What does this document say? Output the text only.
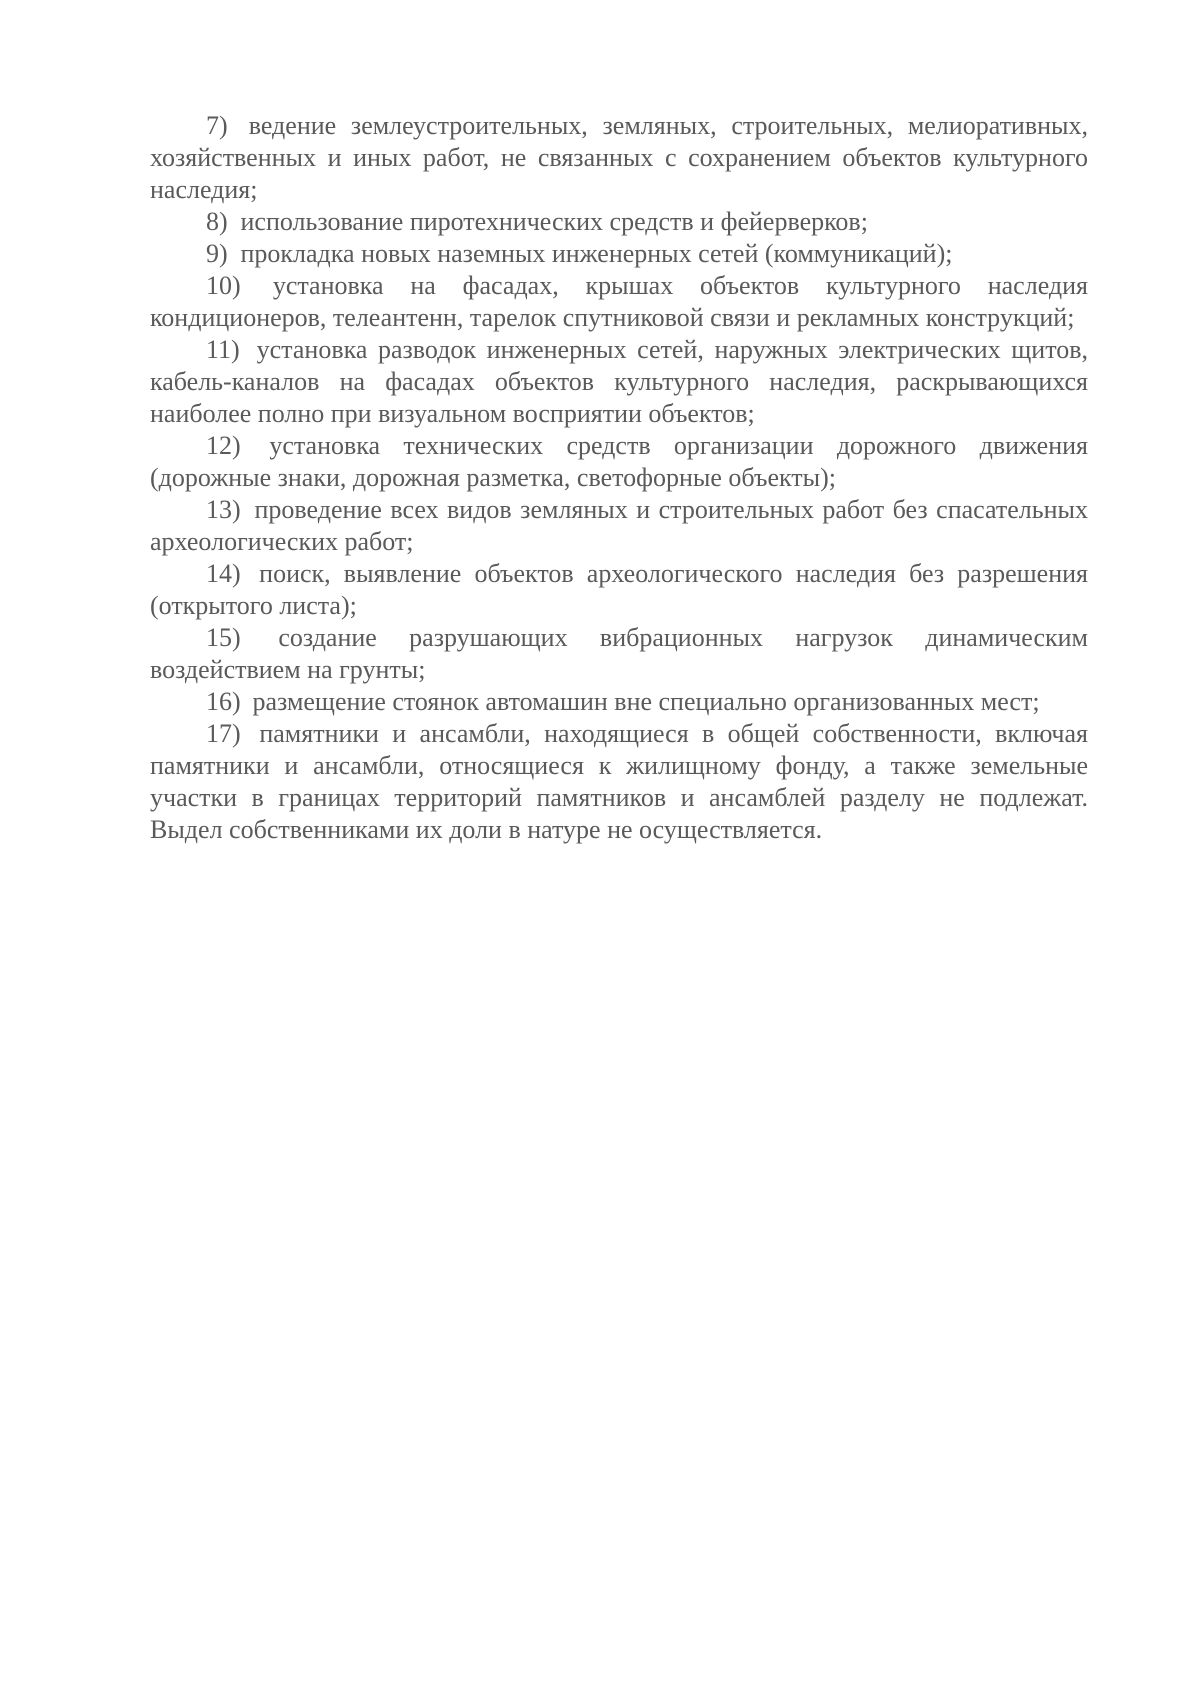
7) ведение землеустроительных, земляных, строительных, мелиоративных, хозяйственных и иных работ, не связанных с сохранением объектов культурного наследия;

8) использование пиротехнических средств и фейерверков;

9) прокладка новых наземных инженерных сетей (коммуникаций);

10) установка на фасадах, крышах объектов культурного наследия кондиционеров, телеантенн, тарелок спутниковой связи и рекламных конструкций;

11) установка разводок инженерных сетей, наружных электрических щитов, кабель-каналов на фасадах объектов культурного наследия, раскрывающихся наиболее полно при визуальном восприятии объектов;

12) установка технических средств организации дорожного движения (дорожные знаки, дорожная разметка, светофорные объекты);

13) проведение всех видов земляных и строительных работ без спасательных археологических работ;

14) поиск, выявление объектов археологического наследия без разрешения (открытого листа);

15) создание разрушающих вибрационных нагрузок динамическим воздействием на грунты;

16) размещение стоянок автомашин вне специально организованных мест;

17) памятники и ансамбли, находящиеся в общей собственности, включая памятники и ансамбли, относящиеся к жилищному фонду, а также земельные участки в границах территорий памятников и ансамблей разделу не подлежат. Выдел собственниками их доли в натуре не осуществляется.
